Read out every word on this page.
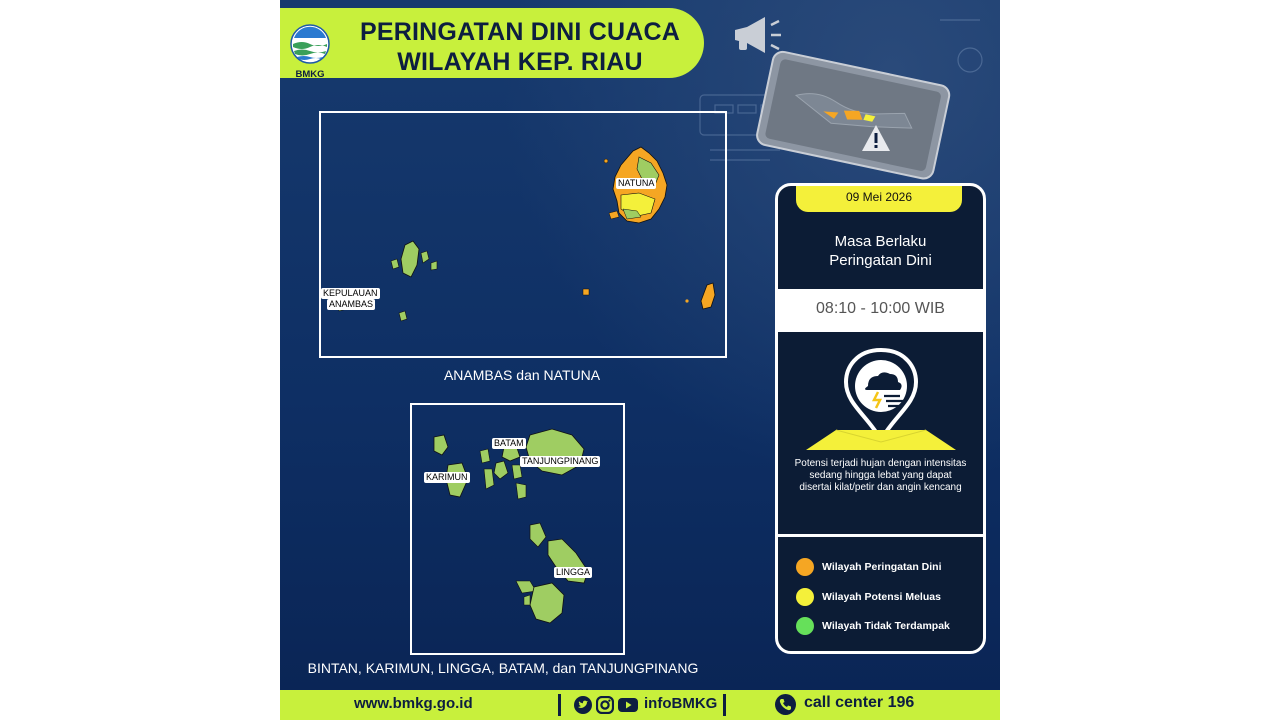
BMKG
PERINGATAN DINI CUACA
WILAYAH KEP. RIAU
NATUNA
KEPULAUAN
ANAMBAS
ANAMBAS dan NATUNA
BATAM
TANJUNGPINANG
KARIMUN
LINGGA
BINTAN, KARIMUN, LINGGA, BATAM, dan TANJUNGPINANG
09 Mei 2026
Masa Berlaku
Peringatan Dini
08:10 - 10:00 WIB
Potensi terjadi hujan dengan intensitas sedang hingga lebat yang dapat disertai kilat/petir dan angin kencang
Wilayah Peringatan Dini
Wilayah Potensi Meluas
Wilayah Tidak Terdampak
www.bmkg.go.id	infoBMKG	call center 196
